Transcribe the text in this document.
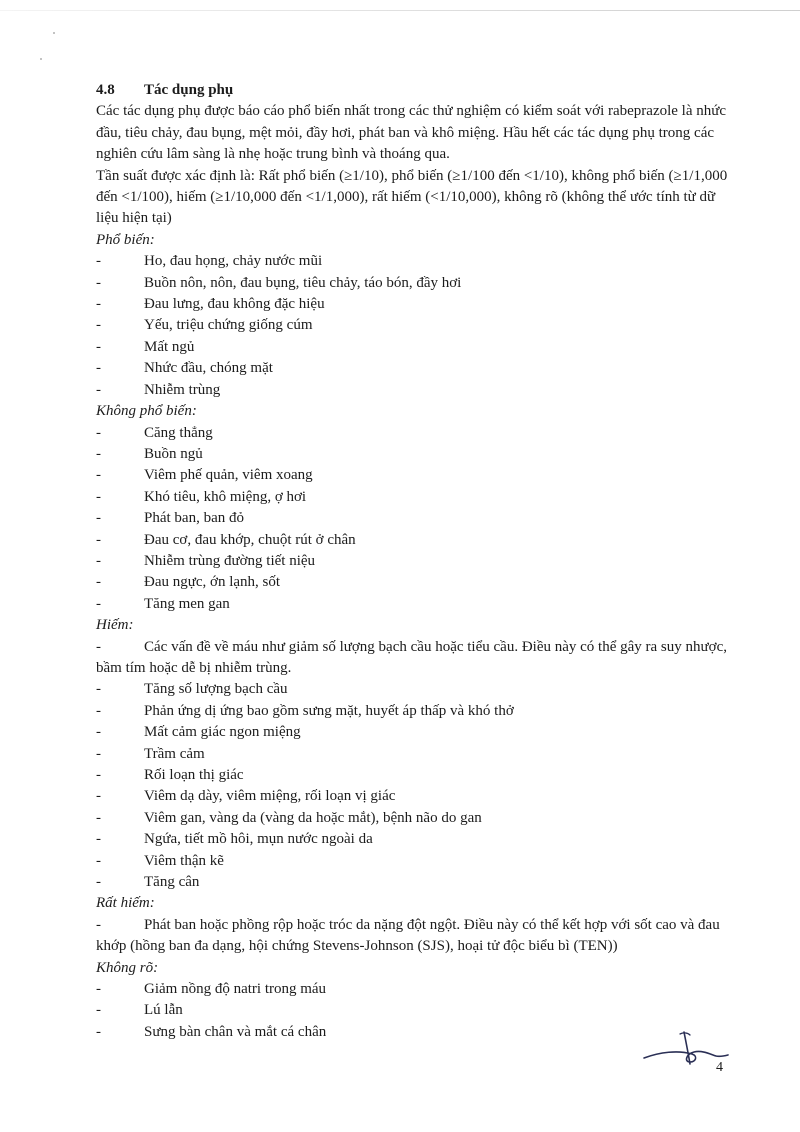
4.8 Tác dụng phụ

Các tác dụng phụ được báo cáo phổ biến nhất trong các thử nghiệm có kiểm soát với rabeprazole là nhức đầu, tiêu chảy, đau bụng, mệt mỏi, đầy hơi, phát ban và khô miệng. Hầu hết các tác dụng phụ trong các nghiên cứu lâm sàng là nhẹ hoặc trung bình và thoáng qua.

Tần suất được xác định là: Rất phổ biến (≥1/10), phổ biến (≥1/100 đến <1/10), không phổ biến (≥1/1,000 đến <1/100), hiếm (≥1/10,000 đến <1/1,000), rất hiếm (<1/10,000), không rõ (không thể ước tính từ dữ liệu hiện tại)

Phổ biến:

- Ho, đau họng, chảy nước mũi
- Buồn nôn, nôn, đau bụng, tiêu chảy, táo bón, đầy hơi
- Đau lưng, đau không đặc hiệu
- Yếu, triệu chứng giống cúm
- Mất ngủ
- Nhức đầu, chóng mặt
- Nhiễm trùng

Không phổ biến:

- Căng thẳng
- Buồn ngủ
- Viêm phế quản, viêm xoang
- Khó tiêu, khô miệng, ợ hơi
- Phát ban, ban đỏ
- Đau cơ, đau khớp, chuột rút ở chân
- Nhiễm trùng đường tiết niệu
- Đau ngực, ớn lạnh, sốt
- Tăng men gan

Hiếm:

- Các vấn đề về máu như giảm số lượng bạch cầu hoặc tiểu cầu. Điều này có thể gây ra suy nhược, bầm tím hoặc dễ bị nhiễm trùng.
- Tăng số lượng bạch cầu
- Phản ứng dị ứng bao gồm sưng mặt, huyết áp thấp và khó thở
- Mất cảm giác ngon miệng
- Trầm cảm
- Rối loạn thị giác
- Viêm dạ dày, viêm miệng, rối loạn vị giác
- Viêm gan, vàng da (vàng da hoặc mắt), bệnh não do gan
- Ngứa, tiết mồ hôi, mụn nước ngoài da
- Viêm thận kẽ
- Tăng cân

Rất hiếm:

- Phát ban hoặc phồng rộp hoặc tróc da nặng đột ngột. Điều này có thể kết hợp với sốt cao và đau khớp (hồng ban đa dạng, hội chứng Stevens-Johnson (SJS), hoại tử độc biểu bì (TEN))

Không rõ:

- Giảm nồng độ natri trong máu
- Lú lẫn
- Sưng bàn chân và mắt cá chân
4
